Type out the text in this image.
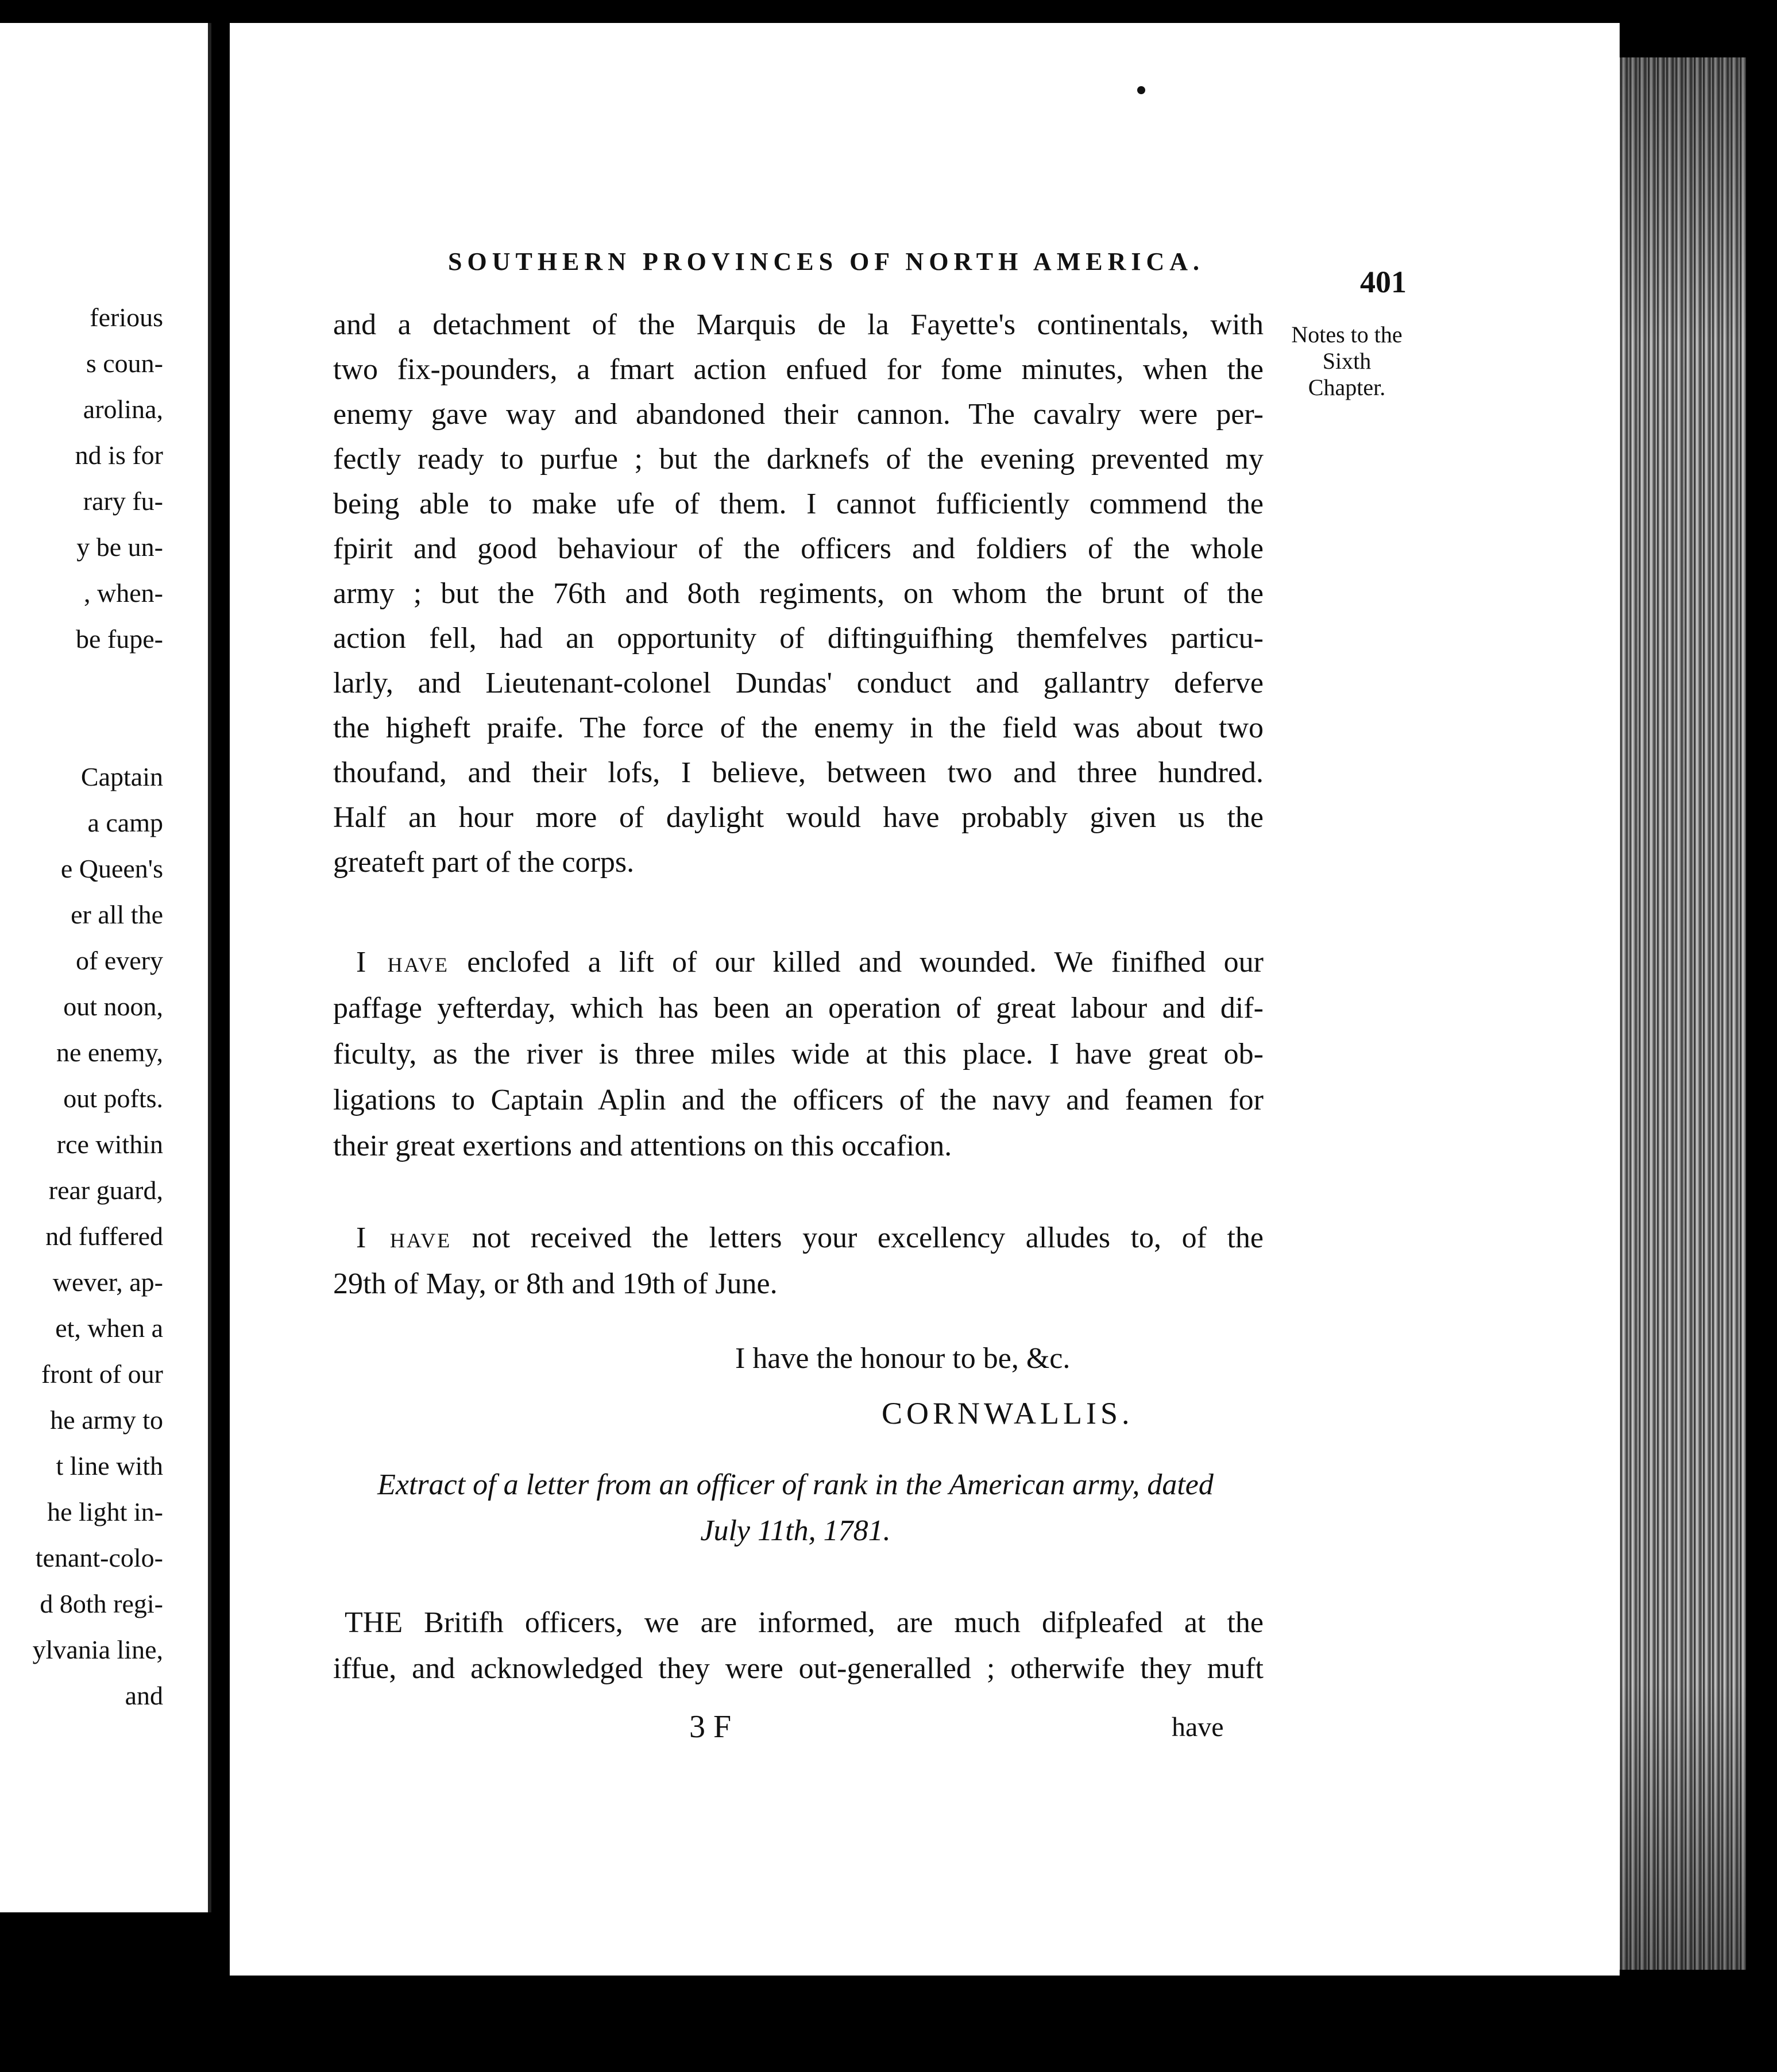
ferious
s coun-
arolina,
nd is for
rary fu-
y be un-
, when-
be fupe-
Captain
a camp
e Queen's
er all the
of every
out noon,
ne enemy,
out pofts.
rce within
rear guard,
nd fuffered
wever, ap-
et, when a
front of our
he army to
t line with
he light in-
tenant-colo-
d 8oth regi-
ylvania line,
and
SOUTHERN PROVINCES OF NORTH AMERICA.
401
Notes to the
Sixth
Chapter.
and a detachment of the Marquis de la Fayette's continentals, with
two fix-pounders, a fmart action enfued for fome minutes, when the
enemy gave way and abandoned their cannon. The cavalry were per-
fectly ready to purfue ; but the darknefs of the evening prevented my
being able to make ufe of them. I cannot fufficiently commend the
fpirit and good behaviour of the officers and foldiers of the whole
army ; but the 76th and 8oth regiments, on whom the brunt of the
action fell, had an opportunity of diftinguifhing themfelves particu-
larly, and Lieutenant-colonel Dundas' conduct and gallantry deferve
the higheft praife. The force of the enemy in the field was about two
thoufand, and their lofs, I believe, between two and three hundred.
Half an hour more of daylight would have probably given us the
greateft part of the corps.
I have enclofed a lift of our killed and wounded. We finifhed our
paffage yefterday, which has been an operation of great labour and dif-
ficulty, as the river is three miles wide at this place. I have great ob-
ligations to Captain Aplin and the officers of the navy and feamen for
their great exertions and attentions on this occafion.
I have not received the letters your excellency alludes to, of the
29th of May, or 8th and 19th of June.
I have the honour to be, &c.
CORNWALLIS.
Extract of a letter from an officer of rank in the American army, dated
July 11th, 1781.
THE Britifh officers, we are informed, are much difpleafed at the
iffue, and acknowledged they were out-generalled ; otherwife they muft
3 F	have
